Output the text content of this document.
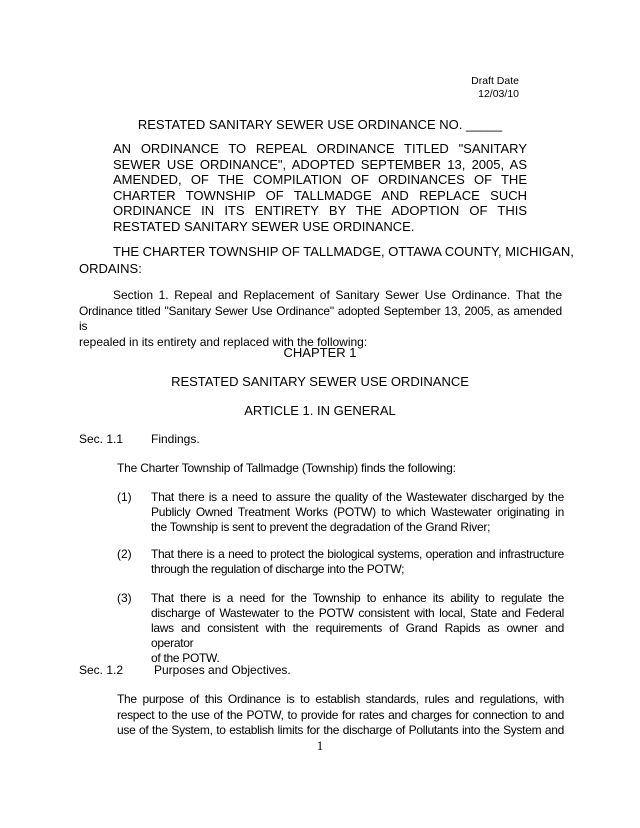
Draft Date
12/03/10
RESTATED SANITARY SEWER USE ORDINANCE NO. _____
AN ORDINANCE TO REPEAL ORDINANCE TITLED "SANITARY
SEWER USE ORDINANCE", ADOPTED SEPTEMBER 13, 2005, AS
AMENDED, OF THE COMPILATION OF ORDINANCES OF THE
CHARTER TOWNSHIP OF TALLMADGE AND REPLACE SUCH
ORDINANCE IN ITS ENTIRETY BY THE ADOPTION OF THIS
RESTATED SANITARY SEWER USE ORDINANCE.
THE CHARTER TOWNSHIP OF TALLMADGE, OTTAWA COUNTY, MICHIGAN,
ORDAINS:
Section 1. Repeal and Replacement of Sanitary Sewer Use Ordinance. That the
Ordinance titled "Sanitary Sewer Use Ordinance" adopted September 13, 2005, as amended is
repealed in its entirety and replaced with the following:
CHAPTER 1
RESTATED SANITARY SEWER USE ORDINANCE
ARTICLE 1. IN GENERAL
Sec. 1.1 Findings.
The Charter Township of Tallmadge (Township) finds the following:
(1) That there is a need to assure the quality of the Wastewater discharged by the
Publicly Owned Treatment Works (POTW) to which Wastewater originating in
the Township is sent to prevent the degradation of the Grand River;
(2) That there is a need to protect the biological systems, operation and infrastructure
through the regulation of discharge into the POTW;
(3) That there is a need for the Township to enhance its ability to regulate the
discharge of Wastewater to the POTW consistent with local, State and Federal
laws and consistent with the requirements of Grand Rapids as owner and operator
of the POTW.
Sec. 1.2	Purposes and Objectives.
The purpose of this Ordinance is to establish standards, rules and regulations, with
respect to the use of the POTW, to provide for rates and charges for connection to and
use of the System, to establish limits for the discharge of Pollutants into the System and
1
